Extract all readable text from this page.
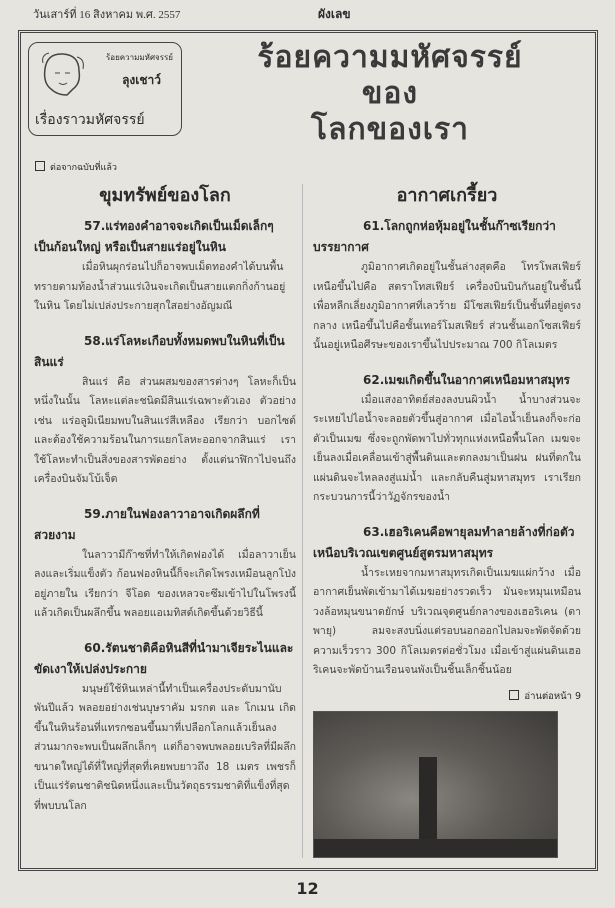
วันเสาร์ที่ 16 สิงหาคม พ.ศ. 2557	ผังเลข
ร้อยความมหัศจรรย์
ลุงเชาว์
เรื่องราวมหัศจรรย์
ร้อยความมหัศจรรย์
ของ
โลกของเรา
ต่อจากฉบับที่แล้ว
ขุมทรัพย์ของโลก
57.แร่ทองคำอาจจะเกิดเป็นเม็ดเล็กๆ เป็นก้อนใหญ่ หรือเป็นสายแร่อยู่ในหิน

เมื่อหินผุกร่อนไปก็อาจพบเม็ดทองคำได้บนพื้นทรายตามท้องน้ำส่วนแร่เงินจะเกิดเป็นสายแตกกิ่งก้านอยู่ในหิน โดยไม่เปล่งประกายสุกใสอย่างอัญมณี

58.แร่โลหะเกือบทั้งหมดพบในหินที่เป็นสินแร่

สินแร่ คือ ส่วนผสมของสารต่างๆ โลหะก็เป็นหนึ่งในนั้น โลหะแต่ละชนิดมีสินแร่เฉพาะตัวเอง ตัวอย่างเช่น แร่อลูมิเนียมพบในสินแร่สีเหลือง เรียกว่า บอกไซต์ และต้องใช้ความร้อนในการแยกโลหะออกจากสินแร่ เราใช้โลหะทำเป็นสิ่งของสารพัดอย่าง ตั้งแต่นาฬิกาไปจนถึงเครื่องบินจัมโบ้เจ็ต

59.ภายในฟองลาวาอาจเกิดผลึกที่สวยงาม

ในลาวามีก๊าซที่ทำให้เกิดฟองได้ เมื่อลาวาเย็นลงและเริ่มแข็งตัว ก้อนฟองหินนี้ก็จะเกิดโพรงเหมือนลูกโป่งอยู่ภายใน เรียกว่า จีโอด ของเหลวจะซึมเข้าไปในโพรงนี้แล้วเกิดเป็นผลึกขึ้น พลอยแอเมทิสต์เกิดขึ้นด้วยวิธีนี้

60.รัตนชาติคือหินสีที่นำมาเจียระไนและขัดเงาให้เปล่งประกาย

มนุษย์ใช้หินเหล่านี้ทำเป็นเครื่องประดับมานับพันปีแล้ว พลอยอย่างเช่นบุษราคัม มรกต และ โกเมน เกิดขึ้นในหินร้อนที่แทรกซอนขึ้นมาที่เปลือกโลกแล้วเย็นลง ส่วนมากจะพบเป็นผลึกเล็กๆ แต่ก็อาจพบพลอยเบริลที่มีผลึกขนาดใหญ่ได้ที่ใหญ่ที่สุดที่เคยพบยาวถึง 18 เมตร เพชรก็เป็นแร่รัตนชาติชนิดหนึ่งและเป็นวัตถุธรรมชาติที่แข็งที่สุดที่พบบนโลก

อากาศเกรี้ยว
61.โลกถูกห่อหุ้มอยู่ในชั้นก๊าซเรียกว่าบรรยากาศ

ภูมิอากาศเกิดอยู่ในชั้นล่างสุดคือ โทรโพสเฟียร์ เหนือขึ้นไปคือ สตราโทสเฟียร์ เครื่องบินบินกันอยู่ในชั้นนี้เพื่อหลีกเลี่ยงภูมิอากาศที่เลวร้าย มีโซสเฟียร์เป็นชั้นที่อยู่ตรงกลาง เหนือขึ้นไปคือชั้นเทอร์โมสเฟียร์ ส่วนชั้นเอกโซสเฟียร์นั้นอยู่เหนือศีรษะของเราขึ้นไปประมาณ 700 กิโลเมตร

62.เมฆเกิดขึ้นในอากาศเหนือมหาสมุทร

เมื่อแสงอาทิตย์ส่องลงบนผิวน้ำ น้ำบางส่วนจะระเหยไปไอน้ำจะลอยตัวขึ้นสู่อากาศ เมื่อไอน้ำเย็นลงก็จะก่อตัวเป็นเมฆ ซึ่งจะถูกพัดพาไปทั่วทุกแห่งเหนือพื้นโลก เมฆจะเย็นลงเมื่อเคลื่อนเข้าสู่พื้นดินและตกลงมาเป็นฝน ฝนที่ตกในแผ่นดินจะไหลลงสู่แม่น้ำ และกลับคืนสู่มหาสมุทร เราเรียกกระบวนการนี้ว่าวัฏจักรของน้ำ

63.เฮอริเคนคือพายุลมทำลายล้างที่ก่อตัวเหนือบริเวณเขตศูนย์สูตรมหาสมุทร

น้ำระเหยจากมหาสมุทรเกิดเป็นเมฆแผ่กว้าง เมื่ออากาศเย็นพัดเข้ามาได้เมฆอย่างรวดเร็ว มันจะหมุนเหมือนวงล้อหมุนขนาดยักษ์ บริเวณจุดศูนย์กลางของเฮอริเคน (ตาพายุ) ลมจะสงบนิ่งแต่รอบนอกออกไปลมจะพัดจัดด้วยความเร็วราว 300 กิโลเมตรต่อชั่วโมง เมื่อเข้าสู่แผ่นดินเฮอริเคนจะพัดบ้านเรือนจนพังเป็นชิ้นเล็กชิ้นน้อย

อ่านต่อหน้า 9
12
